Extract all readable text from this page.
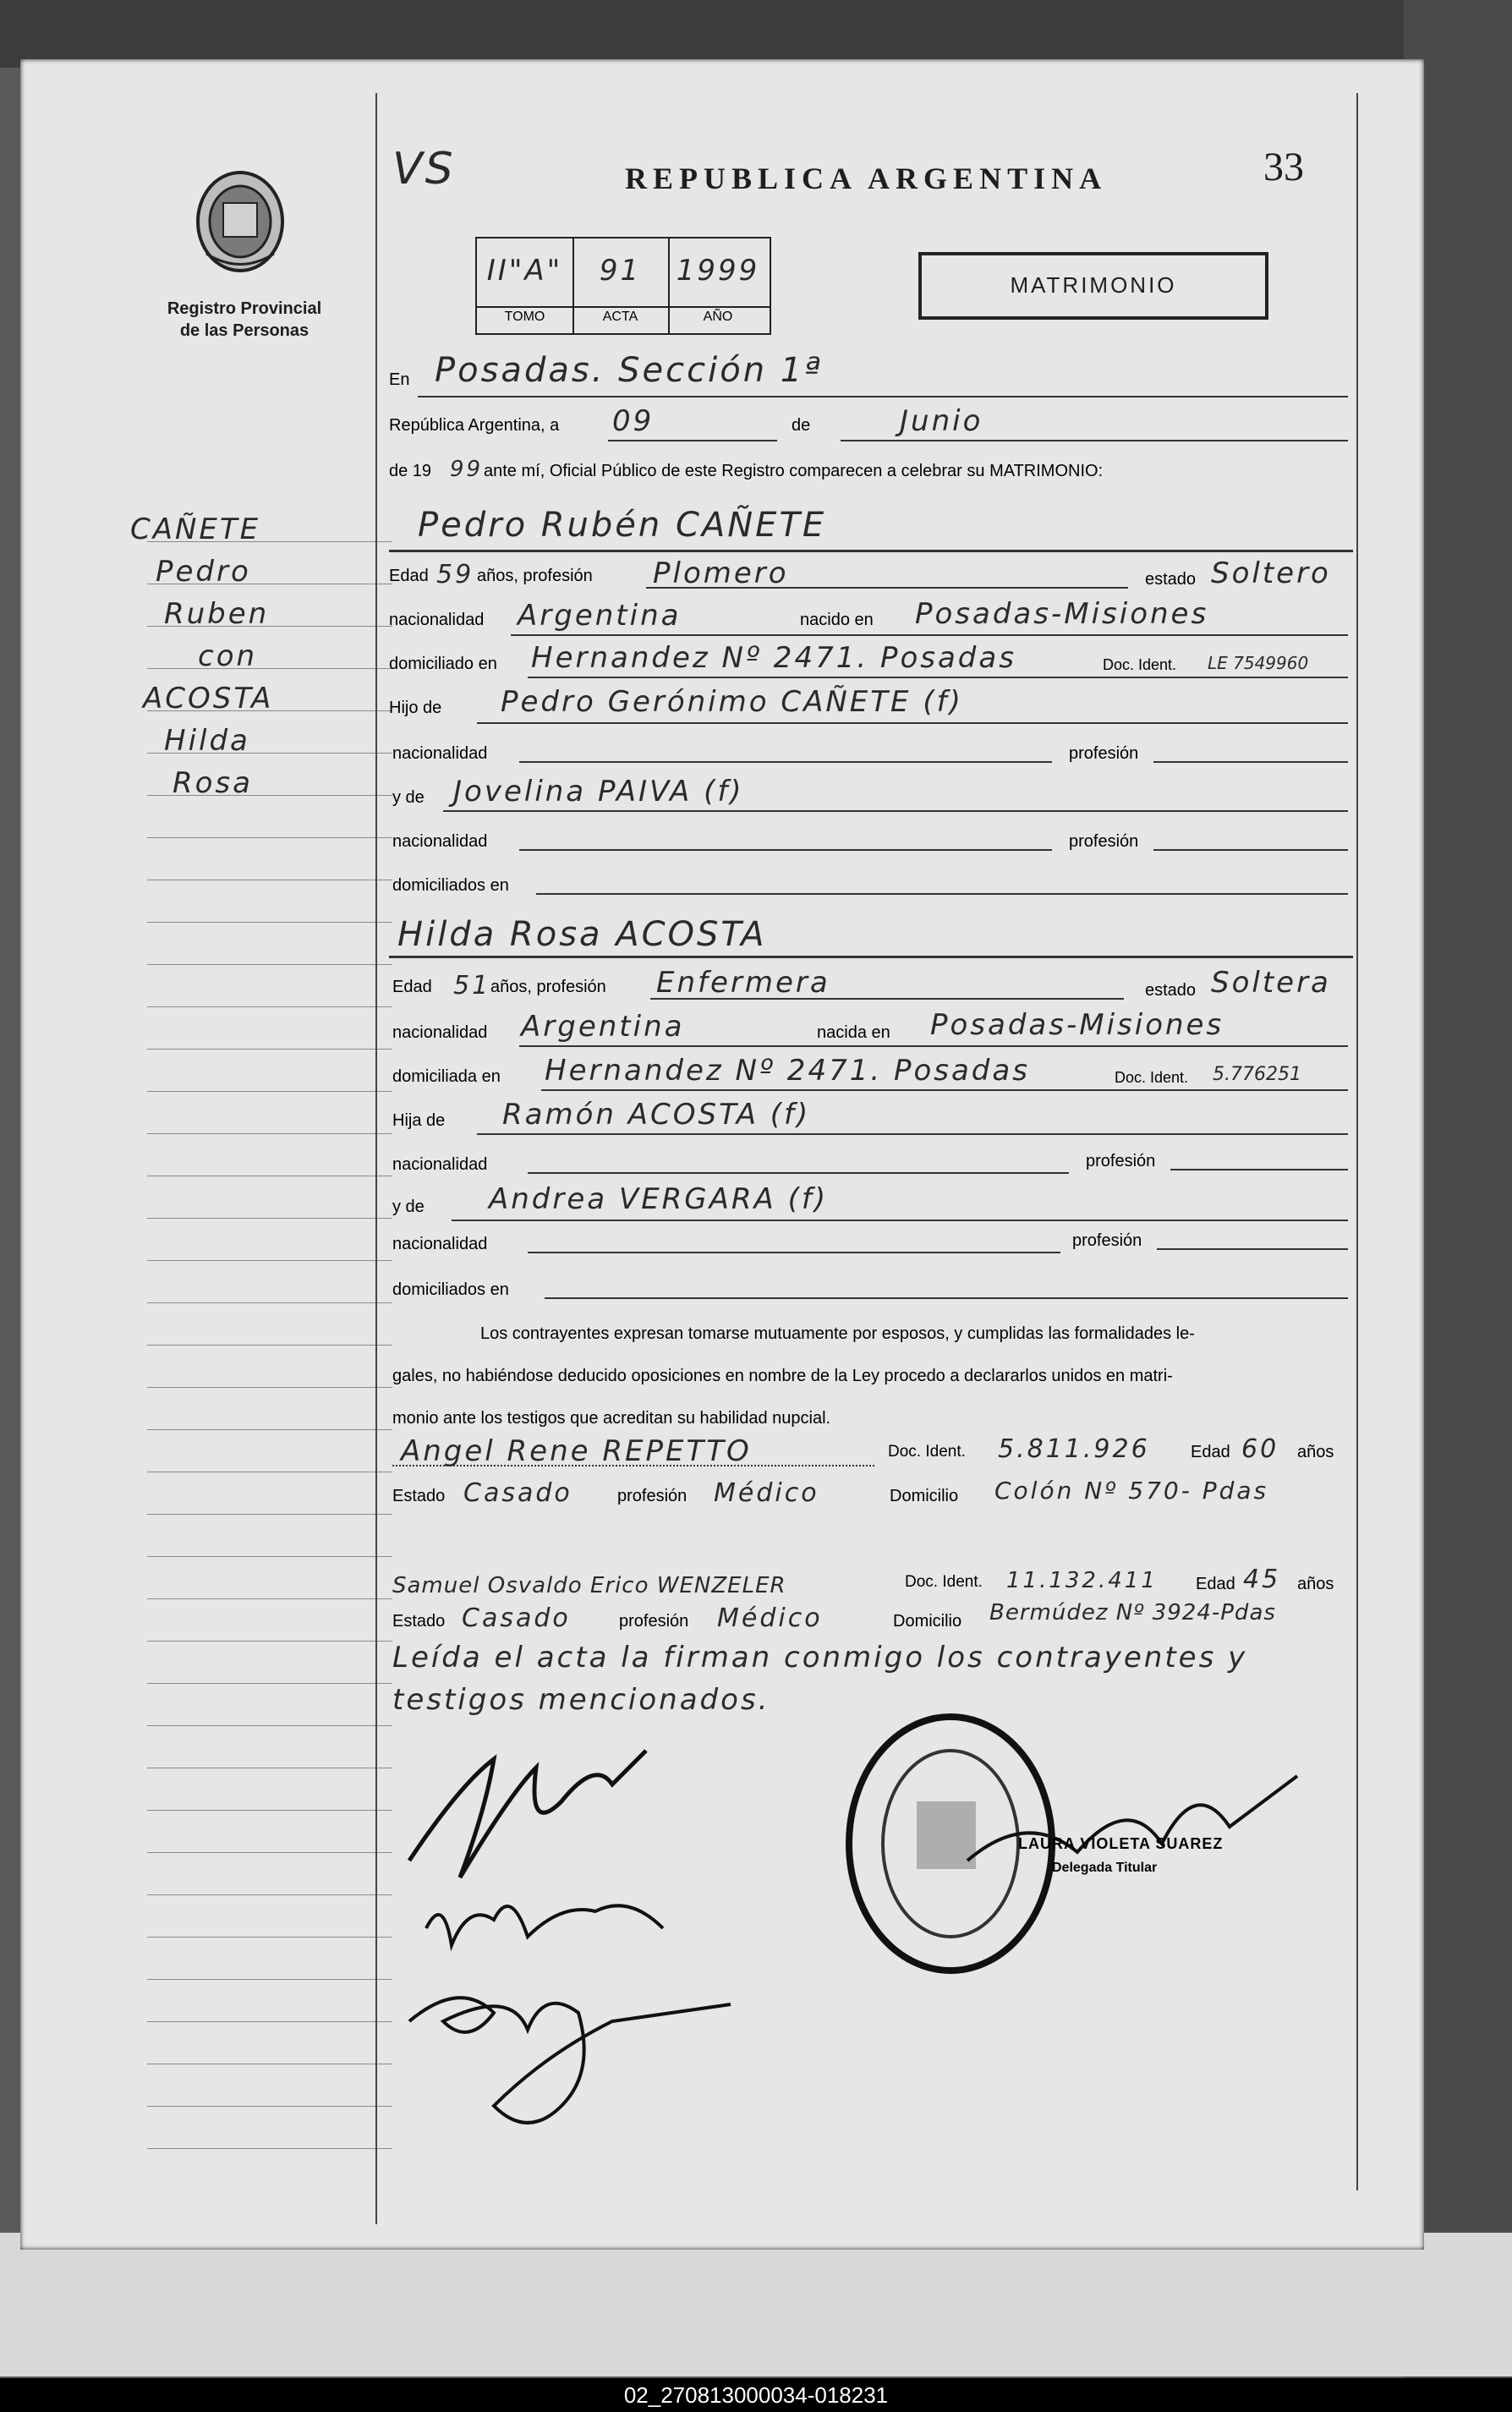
Registro Provincial
de las Personas
VS	REPUBLICA ARGENTINA	33
II"A"	91	1999
TOMO	ACTA	AÑO
MATRIMONIO
CAÑETE
Pedro
Ruben
con
ACOSTA
Hilda
Rosa
En Posadas. Sección 1ª
República Argentina, a 09	de	Junio
de 19 99 ante mí, Oficial Público de este Registro comparecen a celebrar su MATRIMONIO:
Pedro Rubén CAÑETE
Edad 59 años, profesión Plomero	estado Soltero
nacionalidad Argentina	nacido en Posadas-Misiones
domiciliado en Hernandez Nº 2471. Posadas	Doc. Ident. LE 7549960
Hijo de Pedro Gerónimo CAÑETE (f)
nacionalidad	profesión
y de Jovelina PAIVA (f)
nacionalidad	profesión
domiciliados en
Hilda Rosa ACOSTA
Edad 51 años, profesión Enfermera	estado Soltera
nacionalidad Argentina	nacida en Posadas-Misiones
domiciliada en Hernandez Nº 2471. Posadas	Doc. Ident. 5.776251
Hija de Ramón ACOSTA (f)
nacionalidad	profesión
y de Andrea VERGARA (f)
nacionalidad	profesión
domiciliados en
Los contrayentes expresan tomarse mutuamente por esposos, y cumplidas las formalidades le-
gales, no habiéndose deducido oposiciones en nombre de la Ley procedo a declararlos unidos en matri-
monio ante los testigos que acreditan su habilidad nupcial.
Angel Rene REPETTO	Doc. Ident. 5.811.926 Edad 60 años
Estado Casado	profesión Médico	Domicilio Colón Nº 570- Pdas
Samuel Osvaldo Erico WENZELER	Doc. Ident. 11.132.411 Edad 45 años
Estado Casado	profesión Médico	Domicilio Bermúdez Nº 3924-Pdas
Leída el acta la firman conmigo los contrayentes y
testigos mencionados.
LAURA VIOLETA SUAREZ
Delegada Titular
02_270813000034-018231
